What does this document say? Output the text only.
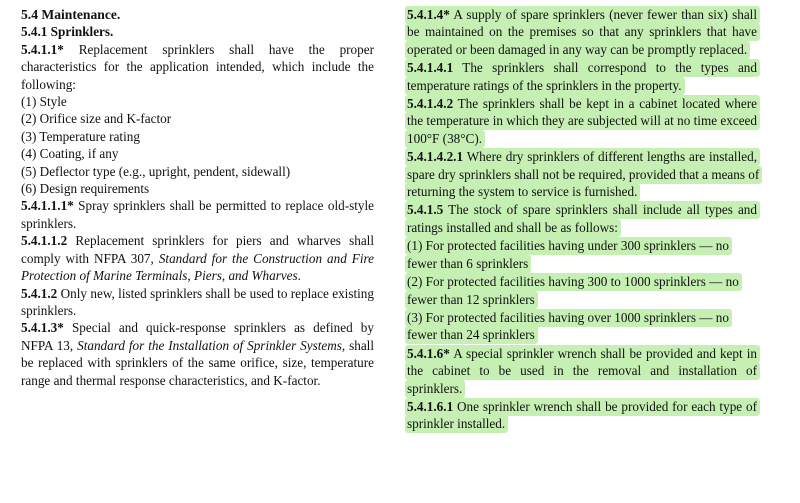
5.4 Maintenance.

5.4.1 Sprinklers.

5.4.1.1* Replacement sprinklers shall have the proper characteristics for the application intended, which include the following:

(1) Style

(2) Orifice size and K-factor

(3) Temperature rating

(4) Coating, if any

(5) Deflector type (e.g., upright, pendent, sidewall)

(6) Design requirements

5.4.1.1.1* Spray sprinklers shall be permitted to replace old-style sprinklers.

5.4.1.1.2 Replacement sprinklers for piers and wharves shall comply with NFPA 307, Standard for the Construction and Fire Protection of Marine Terminals, Piers, and Wharves.

5.4.1.2 Only new, listed sprinklers shall be used to replace existing sprinklers.

5.4.1.3* Special and quick-response sprinklers as defined by NFPA 13, Standard for the Installation of Sprinkler Systems, shall be replaced with sprinklers of the same orifice, size, temperature range and thermal response characteristics, and K-factor.

5.4.1.4* A supply of spare sprinklers (never fewer than six) shall be maintained on the premises so that any sprinklers that have operated or been damaged in any way can be promptly replaced.

5.4.1.4.1 The sprinklers shall correspond to the types and temperature ratings of the sprinklers in the property.

5.4.1.4.2 The sprinklers shall be kept in a cabinet located where the temperature in which they are subjected will at no time exceed 100°F (38°C).

5.4.1.4.2.1 Where dry sprinklers of different lengths are installed, spare dry sprinklers shall not be required, provided that a means of returning the system to service is furnished.

5.4.1.5 The stock of spare sprinklers shall include all types and ratings installed and shall be as follows:

(1) For protected facilities having under 300 sprinklers — no fewer than 6 sprinklers

(2) For protected facilities having 300 to 1000 sprinklers — no fewer than 12 sprinklers

(3) For protected facilities having over 1000 sprinklers — no fewer than 24 sprinklers

5.4.1.6* A special sprinkler wrench shall be provided and kept in the cabinet to be used in the removal and installation of sprinklers.

5.4.1.6.1 One sprinkler wrench shall be provided for each type of sprinkler installed.
